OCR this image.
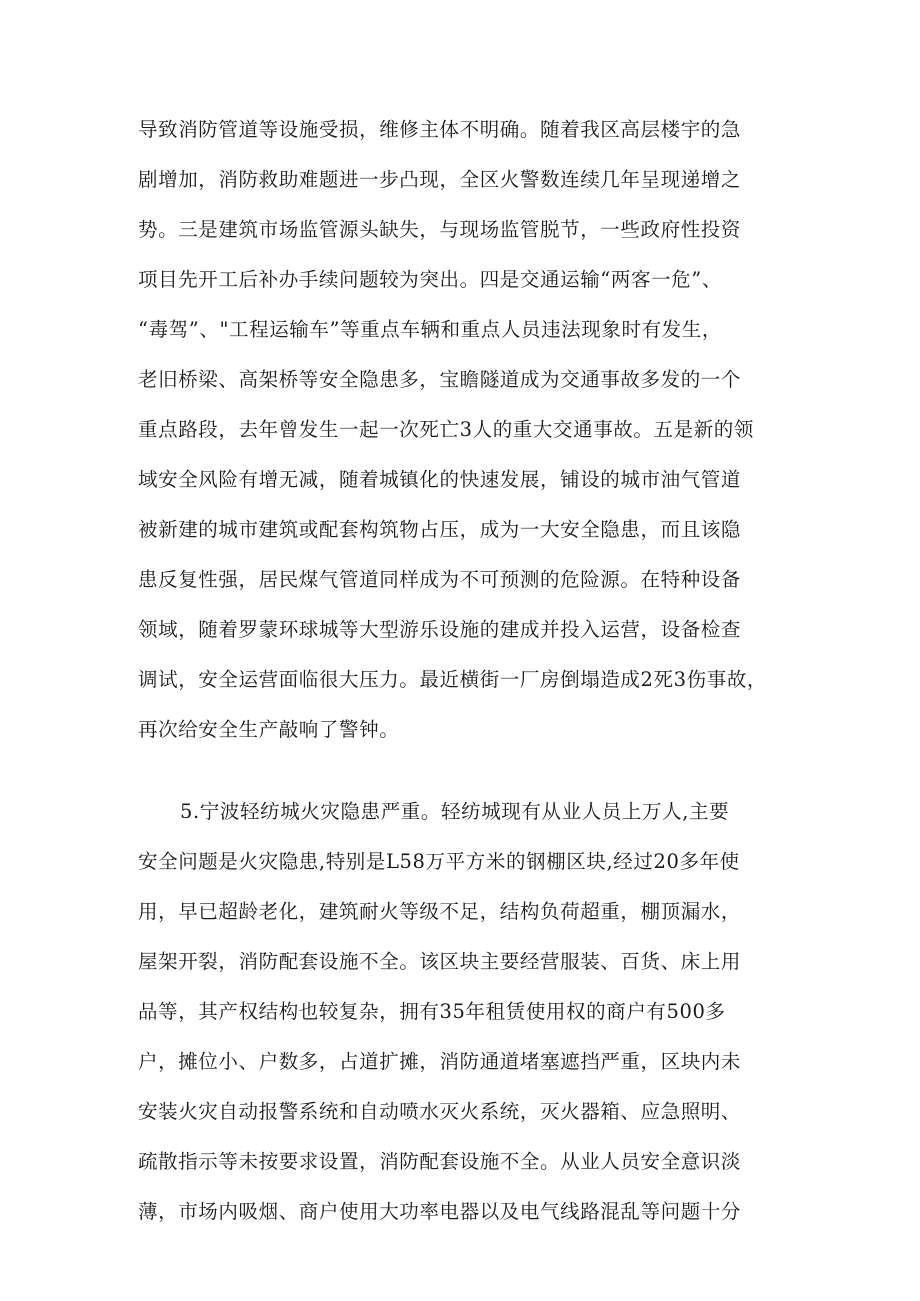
导致消防管道等设施受损，维修主体不明确。随着我区高层楼宇的急
剧增加，消防救助难题进一步凸现，全区火警数连续几年呈现递增之
势。三是建筑市场监管源头缺失，与现场监管脱节，一些政府性投资
项目先开工后补办手续问题较为突出。四是交通运输“两客一危”、
“毒驾”、"工程运输车”等重点车辆和重点人员违法现象时有发生，
老旧桥梁、高架桥等安全隐患多，宝瞻隧道成为交通事故多发的一个
重点路段，去年曾发生一起一次死亡3人的重大交通事故。五是新的领
域安全风险有增无减，随着城镇化的快速发展，铺设的城市油气管道
被新建的城市建筑或配套构筑物占压，成为一大安全隐患，而且该隐
患反复性强，居民煤气管道同样成为不可预测的危险源。在特种设备
领域，随着罗蒙环球城等大型游乐设施的建成并投入运营，设备检查
调试，安全运营面临很大压力。最近横街一厂房倒塌造成2死3伤事故，
再次给安全生产敲响了警钟。
5.宁波轻纺城火灾隐患严重。轻纺城现有从业人员上万人,主要
安全问题是火灾隐患,特别是L58万平方米的钢棚区块,经过20多年使
用，早已超龄老化，建筑耐火等级不足，结构负荷超重，棚顶漏水，
屋架开裂，消防配套设施不全。该区块主要经营服装、百货、床上用
品等，其产权结构也较复杂，拥有35年租赁使用权的商户有500多
户，摊位小、户数多，占道扩摊，消防通道堵塞遮挡严重，区块内未
安装火灾自动报警系统和自动喷水灭火系统，灭火器箱、应急照明、
疏散指示等未按要求设置，消防配套设施不全。从业人员安全意识淡
薄，市场内吸烟、商户使用大功率电器以及电气线路混乱等问题十分
